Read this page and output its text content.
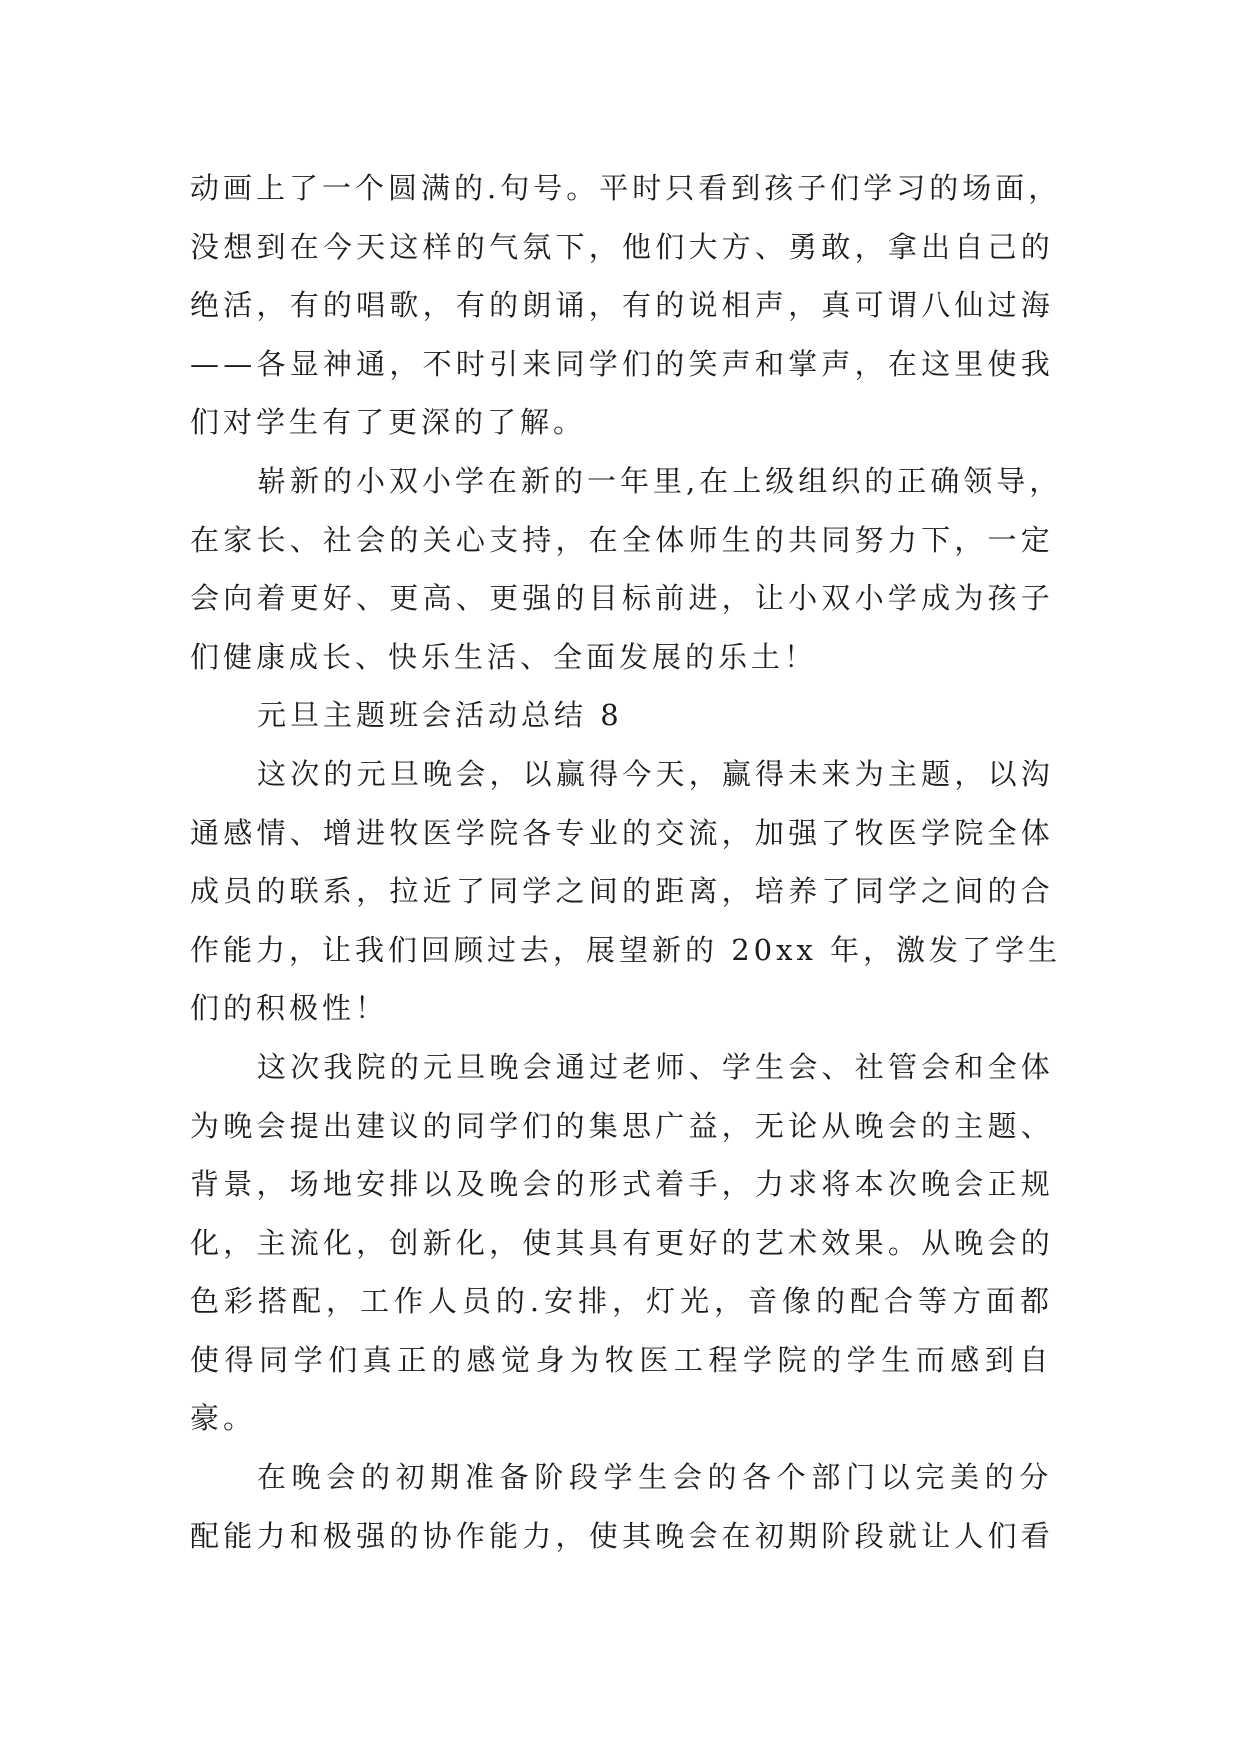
动画上了一个圆满的.句号。平时只看到孩子们学习的场面，
没想到在今天这样的气氛下，他们大方、勇敢，拿出自己的
绝活，有的唱歌，有的朗诵，有的说相声，真可谓八仙过海
——各显神通，不时引来同学们的笑声和掌声，在这里使我
们对学生有了更深的了解。
崭新的小双小学在新的一年里,在上级组织的正确领导，
在家长、社会的关心支持，在全体师生的共同努力下，一定
会向着更好、更高、更强的目标前进，让小双小学成为孩子
们健康成长、快乐生活、全面发展的乐土！
元旦主题班会活动总结 8
这次的元旦晚会，以赢得今天，赢得未来为主题，以沟
通感情、增进牧医学院各专业的交流，加强了牧医学院全体
成员的联系，拉近了同学之间的距离，培养了同学之间的合
作能力，让我们回顾过去，展望新的 20xx 年，激发了学生
们的积极性！
这次我院的元旦晚会通过老师、学生会、社管会和全体
为晚会提出建议的同学们的集思广益，无论从晚会的主题、
背景，场地安排以及晚会的形式着手，力求将本次晚会正规
化，主流化，创新化，使其具有更好的艺术效果。从晚会的
色彩搭配，工作人员的.安排，灯光，音像的配合等方面都
使得同学们真正的感觉身为牧医工程学院的学生而感到自
豪。
在晚会的初期准备阶段学生会的各个部门以完美的分
配能力和极强的协作能力，使其晚会在初期阶段就让人们看
